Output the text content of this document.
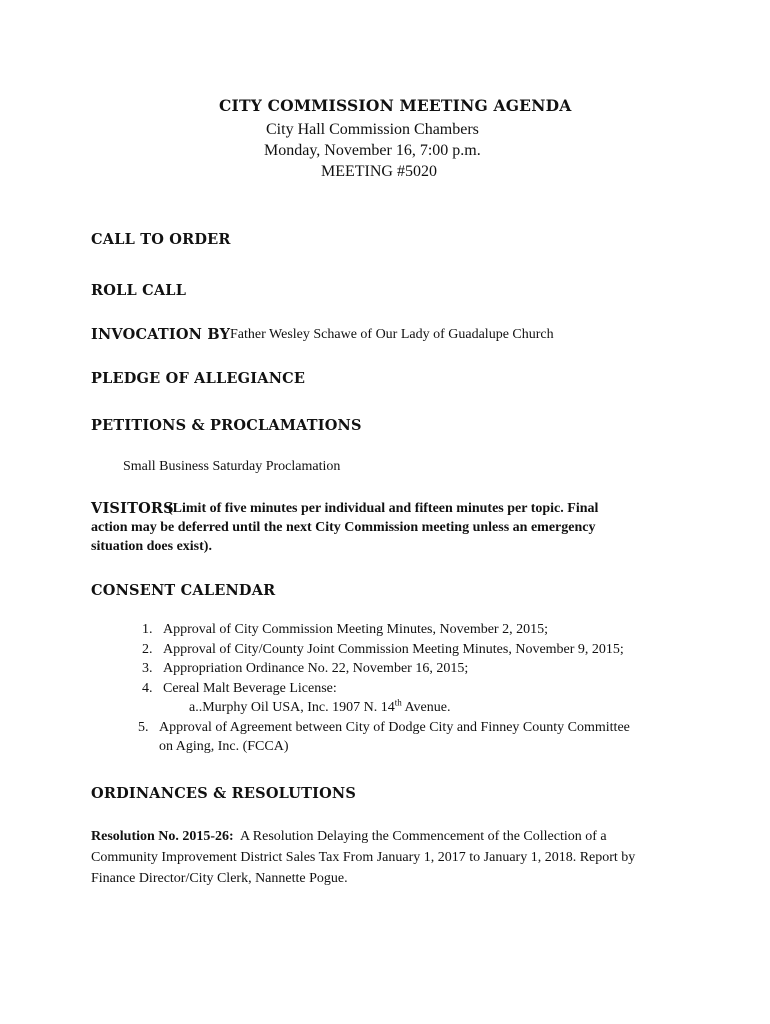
CITY COMMISSION MEETING AGENDA
City Hall Commission Chambers
Monday, November 16, 7:00 p.m.
MEETING #5020
CALL TO ORDER
ROLL CALL
INVOCATION BY Father Wesley Schawe of Our Lady of Guadalupe Church
PLEDGE OF ALLEGIANCE
PETITIONS & PROCLAMATIONS
Small Business Saturday Proclamation
VISITORS
(Limit of five minutes per individual and fifteen minutes per topic. Final
action may be deferred until the next City Commission meeting unless an emergency
situation does exist).
CONSENT CALENDAR
1. Approval of City Commission Meeting Minutes, November 2, 2015;
2. Approval of City/County Joint Commission Meeting Minutes, November 9, 2015;
3. Appropriation Ordinance No. 22, November 16, 2015;
4. Cereal Malt Beverage License:
a..Murphy Oil USA, Inc. 1907 N. 14th Avenue.
5. Approval of Agreement between City of Dodge City and Finney County Committee
on Aging, Inc. (FCCA)
ORDINANCES & RESOLUTIONS
Resolution No. 2015-26: A Resolution Delaying the Commencement of the Collection of a
Community Improvement District Sales Tax From January 1, 2017 to January 1, 2018. Report by
Finance Director/City Clerk, Nannette Pogue.
